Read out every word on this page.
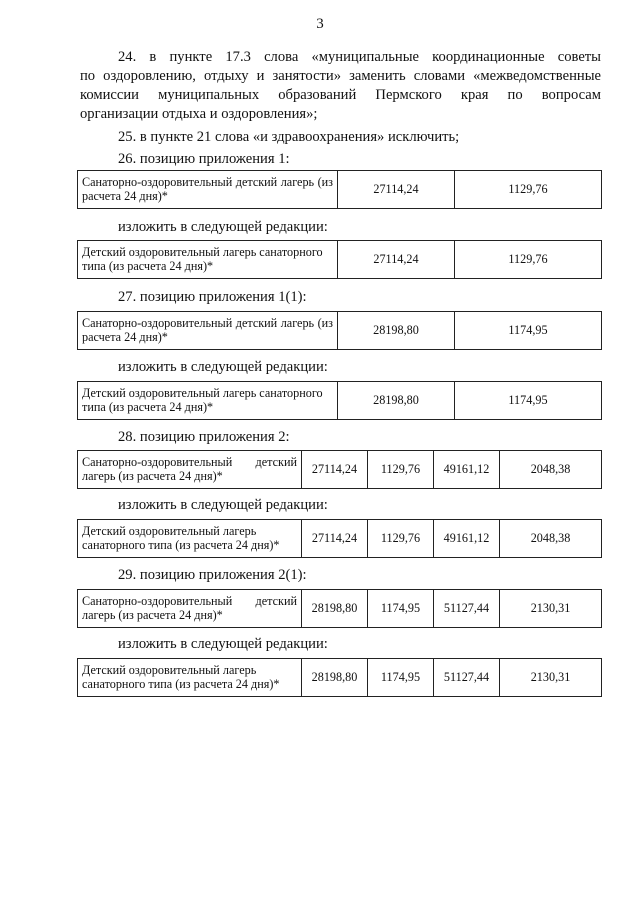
3
24. в пункте 17.3 слова «муниципальные координационные советы
по оздоровлению, отдыху и занятости» заменить словами «межведомственные
комиссии муниципальных образований Пермского края по вопросам
организации отдыха и оздоровления»;
25. в пункте 21 слова «и здравоохранения» исключить;
26. позицию приложения 1:
Санаторно-оздоровительный детский лагерь (из расчета 24 дня)*	27114,24	1129,76
изложить в следующей редакции:
Детский оздоровительный лагерь санаторного типа (из расчета 24 дня)*	27114,24	1129,76
27. позицию приложения 1(1):
Санаторно-оздоровительный детский лагерь (из расчета 24 дня)*	28198,80	1174,95
изложить в следующей редакции:
Детский оздоровительный лагерь санаторного типа (из расчета 24 дня)*	28198,80	1174,95
28. позицию приложения 2:
Санаторно-оздоровительный детский лагерь (из расчета 24 дня)*	27114,24	1129,76	49161,12	2048,38
изложить в следующей редакции:
Детский оздоровительный лагерь санаторного типа (из расчета 24 дня)*	27114,24	1129,76	49161,12	2048,38
29. позицию приложения 2(1):
Санаторно-оздоровительный детский лагерь (из расчета 24 дня)*	28198,80	1174,95	51127,44	2130,31
изложить в следующей редакции:
Детский оздоровительный лагерь санаторного типа (из расчета 24 дня)*	28198,80	1174,95	51127,44	2130,31
